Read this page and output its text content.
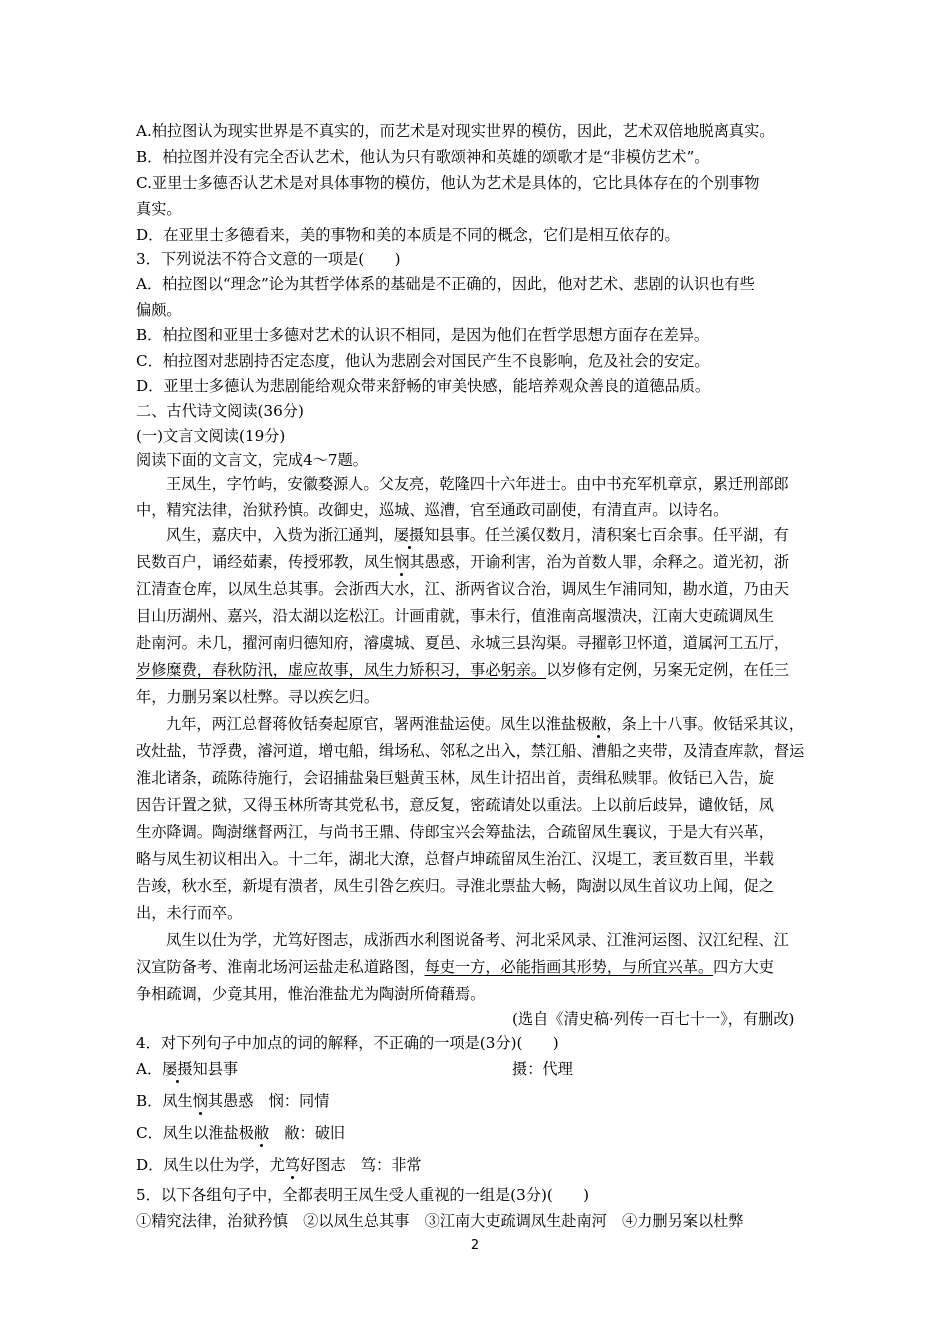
A.柏拉图认为现实世界是不真实的，而艺术是对现实世界的模仿，因此，艺术双倍地脱离真实。
B．柏拉图并没有完全否认艺术，他认为只有歌颂神和英雄的颂歌才是“非模仿艺术”。
C.亚里士多德否认艺术是对具体事物的模仿，他认为艺术是具体的，它比具体存在的个别事物
真实。
D．在亚里士多德看来，美的事物和美的本质是不同的概念，它们是相互依存的。
3．下列说法不符合文意的一项是(　　)
A．柏拉图以“理念”论为其哲学体系的基础是不正确的，因此，他对艺术、悲剧的认识也有些
偏颇。
B．柏拉图和亚里士多德对艺术的认识不相同，是因为他们在哲学思想方面存在差异。
C．柏拉图对悲剧持否定态度，他认为悲剧会对国民产生不良影响，危及社会的安定。
D．亚里士多德认为悲剧能给观众带来舒畅的审美快感，能培养观众善良的道德品质。
二、古代诗文阅读(36分)
(一)文言文阅读(19分)
阅读下面的文言文，完成4～7题。
王凤生，字竹屿，安徽婺源人。父友亮，乾隆四十六年进士。由中书充军机章京，累迁刑部郎
中，精究法律，治狱矜慎。改御史，巡城、巡漕，官至通政司副使，有清直声。以诗名。
风生，嘉庆中，入赀为浙江通判，屡摄知县事。任兰溪仅数月，清积案七百余事。任平湖，有
民数百户，诵经茹素，传授邪教，凤生悯其愚惑，开谕利害，治为首数人罪，余释之。道光初，浙
江清查仓库，以凤生总其事。会浙西大水，江、浙两省议合治，调凤生乍浦同知，勘水道，乃由天
目山历湖州、嘉兴，沿太湖以迄松江。计画甫就，事未行，值淮南高堰溃决，江南大吏疏调凤生
赴南河。未几，擢河南归德知府，濬虞城、夏邑、永城三县沟渠。寻擢彰卫怀道，道属河工五厅，
岁修糜费，春秋防汛，虚应故事，凤生力矫积习，事必躬亲。以岁修有定例，另案无定例，在任三
年，力删另案以杜弊。寻以疾乞归。
九年，两江总督蒋攸铦奏起原官，署两淮盐运使。凤生以淮盐极敝，条上十八事。攸铦采其议，
改灶盐，节浮费，濬河道，增屯船，缉场私、邻私之出入，禁江船、漕船之夹带，及清查库款，督运
淮北诸条，疏陈待施行，会诏捕盐枭巨魁黄玉林，凤生计招出首，责缉私赎罪。攸铦已入告，旋
因告讦置之狱，又得玉林所寄其党私书，意反复，密疏请处以重法。上以前后歧异，谴攸铦，凤
生亦降调。陶澍继督两江，与尚书王鼎、侍郎宝兴会筹盐法，合疏留凤生襄议，于是大有兴革，
略与凤生初议相出入。十二年，湖北大潦，总督卢坤疏留凤生治江、汉堤工，袤亘数百里，半载
告竣，秋水至，新堤有溃者，凤生引咎乞疾归。寻淮北票盐大畅，陶澍以凤生首议功上闻，促之
出，未行而卒。
凤生以仕为学，尤笃好图志，成浙西水利图说备考、河北采风录、江淮河运图、汉江纪程、江
汉宣防备考、淮南北场河运盐走私道路图，每吏一方，必能指画其形势，与所宜兴革。四方大吏
争相疏调，少竟其用，惟治淮盐尤为陶澍所倚藉焉。
(选自《清史稿·列传一百七十一》，有删改)
4．对下列句子中加点的词的解释，不正确的一项是(3分)(　　)
A．屡摄知县事	摄：代理
B．凤生悯其愚惑　悯：同情
C．凤生以淮盐极敝　敝：破旧
D．凤生以仕为学，尤笃好图志　笃：非常
5．以下各组句子中，全都表明王凤生受人重视的一组是(3分)(　　)
①精究法律，治狱矜慎　②以凤生总其事　③江南大吏疏调凤生赴南河　④力删另案以杜弊
2
